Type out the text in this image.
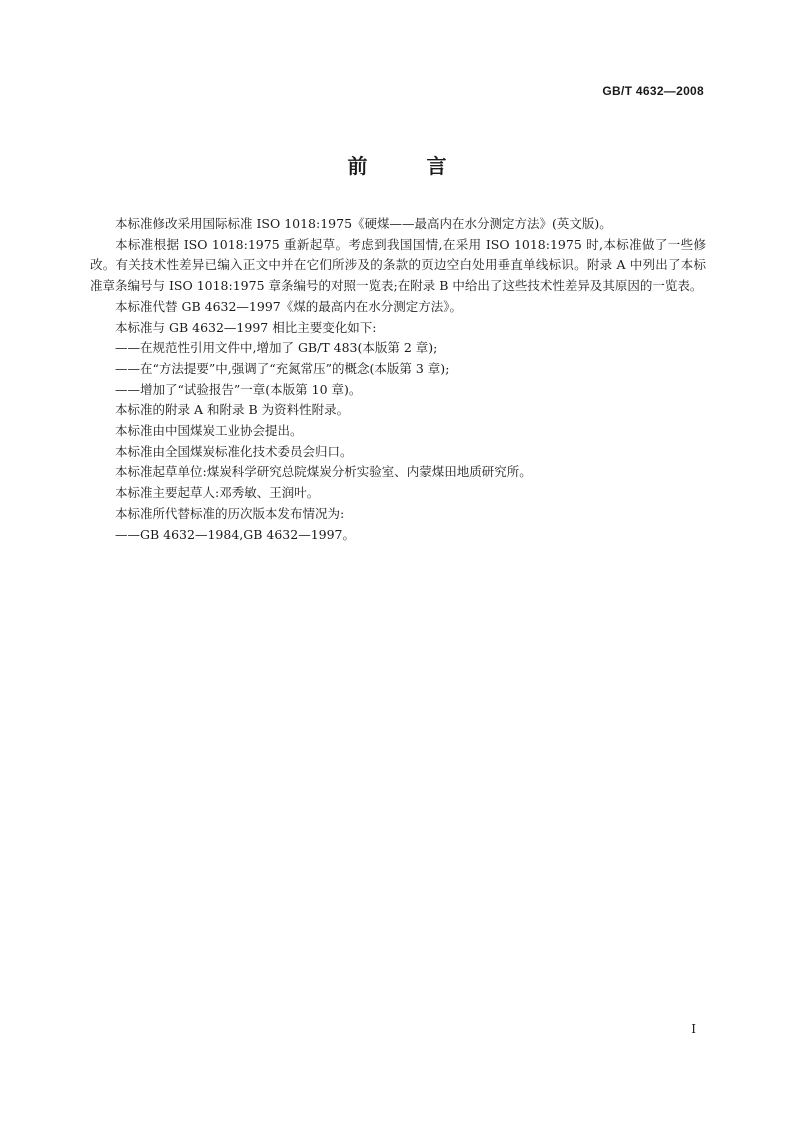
GB/T 4632—2008
前 言

本标准修改采用国际标准 ISO 1018:1975《硬煤——最高内在水分测定方法》(英文版)。

本标准根据 ISO 1018:1975 重新起草。考虑到我国国情,在采用 ISO 1018:1975 时,本标准做了一些修改。有关技术性差异已编入正文中并在它们所涉及的条款的页边空白处用垂直单线标识。附录 A 中列出了本标准章条编号与 ISO 1018:1975 章条编号的对照一览表;在附录 B 中给出了这些技术性差异及其原因的一览表。

本标准代替 GB 4632—1997《煤的最高内在水分测定方法》。

本标准与 GB 4632—1997 相比主要变化如下:

——在规范性引用文件中,增加了 GB/T 483(本版第 2 章);

——在“方法提要”中,强调了“充氮常压”的概念(本版第 3 章);

——增加了“试验报告”一章(本版第 10 章)。

本标准的附录 A 和附录 B 为资料性附录。

本标准由中国煤炭工业协会提出。

本标准由全国煤炭标准化技术委员会归口。

本标准起草单位:煤炭科学研究总院煤炭分析实验室、内蒙煤田地质研究所。

本标准主要起草人:邓秀敏、王润叶。

本标准所代替标准的历次版本发布情况为:

——GB 4632—1984,GB 4632—1997。

I
